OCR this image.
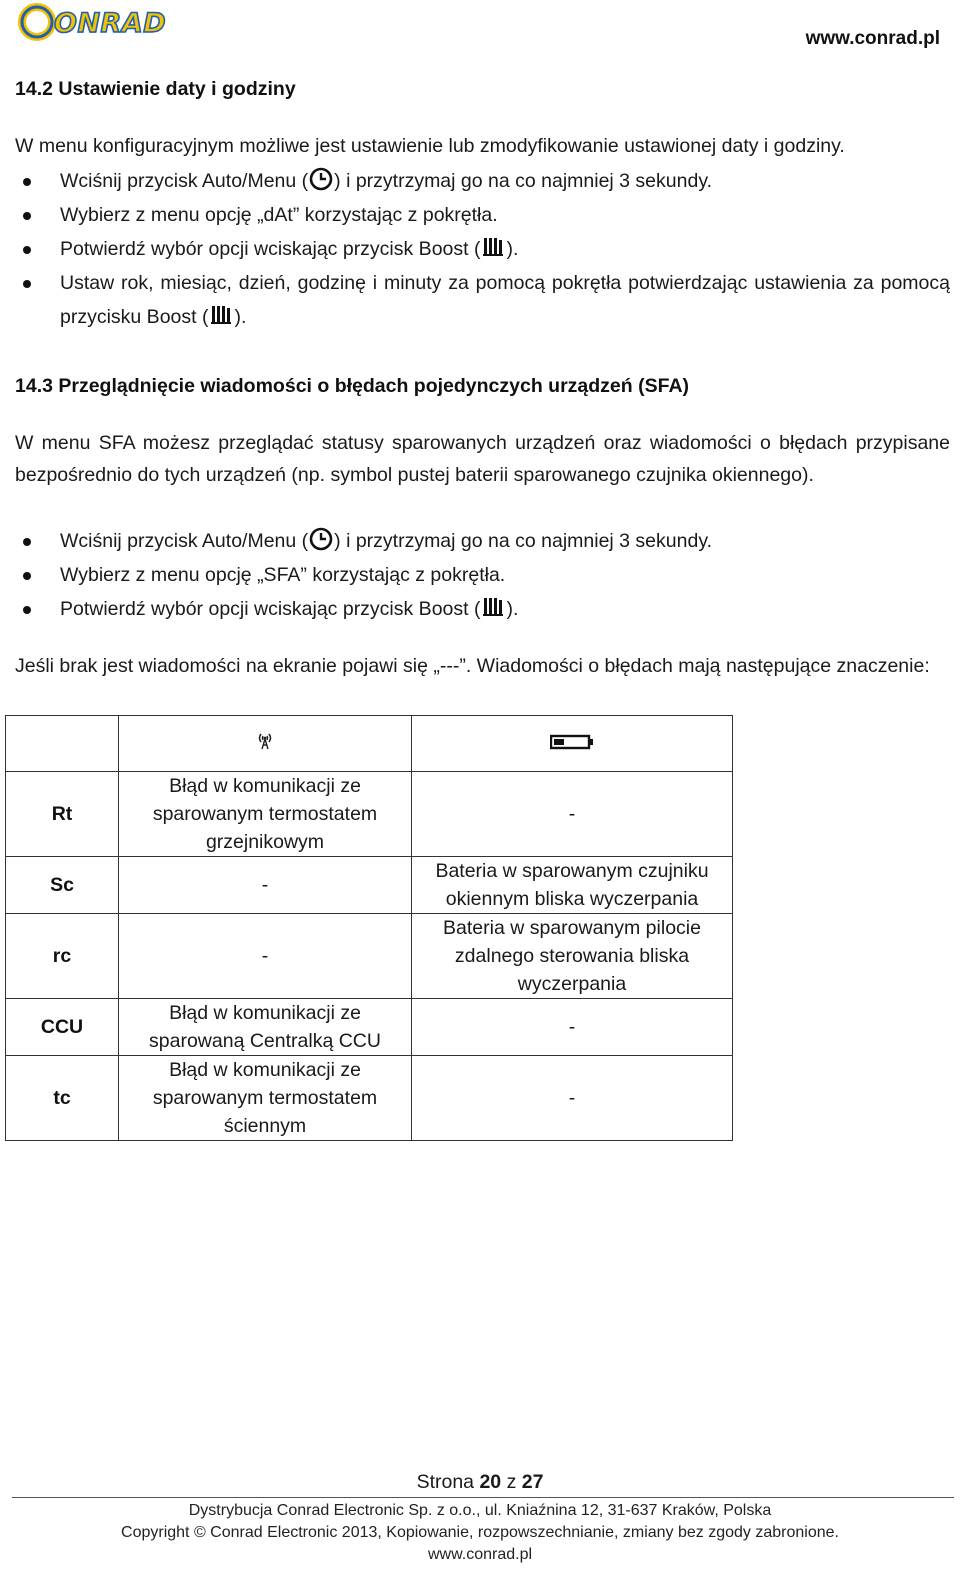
ONRAD	www.conrad.pl
14.2 Ustawienie daty i godziny
W menu konfiguracyjnym możliwe jest ustawienie lub zmodyfikowanie ustawionej daty i godziny.
Wciśnij przycisk Auto/Menu ( ) i przytrzymaj go na co najmniej 3 sekundy.
Wybierz z menu opcję „dAt” korzystając z pokrętła.
Potwierdź wybór opcji wciskając przycisk Boost ( ).
Ustaw rok, miesiąc, dzień, godzinę i minuty za pomocą pokrętła potwierdzając ustawienia za pomocą przycisku Boost ( ).
14.3 Przeglądnięcie wiadomości o błędach pojedynczych urządzeń (SFA)
W menu SFA możesz przeglądać statusy sparowanych urządzeń oraz wiadomości o błędach przypisane bezpośrednio do tych urządzeń (np. symbol pustej baterii sparowanego czujnika okiennego).
Wciśnij przycisk Auto/Menu ( ) i przytrzymaj go na co najmniej 3 sekundy.
Wybierz z menu opcję „SFA” korzystając z pokrętła.
Potwierdź wybór opcji wciskając przycisk Boost ( ).
Jeśli brak jest wiadomości na ekranie pojawi się „---”. Wiadomości o błędach mają następujące znaczenie:

Rt	Błąd w komunikacji ze sparowanym termostatem grzejnikowym	-
Sc	-	Bateria w sparowanym czujniku okiennym bliska wyczerpania

rc	-	Bateria w sparowanym pilocie zdalnego sterowania bliska wyczerpania

CCU	Błąd w komunikacji ze sparowaną Centralką CCU	-
tc	Błąd w komunikacji ze sparowanym termostatem ściennym	-
Strona 20 z 27
Dystrybucja Conrad Electronic Sp. z o.o., ul. Kniaźnina 12, 31-637 Kraków, Polska
Copyright © Conrad Electronic 2013, Kopiowanie, rozpowszechnianie, zmiany bez zgody zabronione.
www.conrad.pl
